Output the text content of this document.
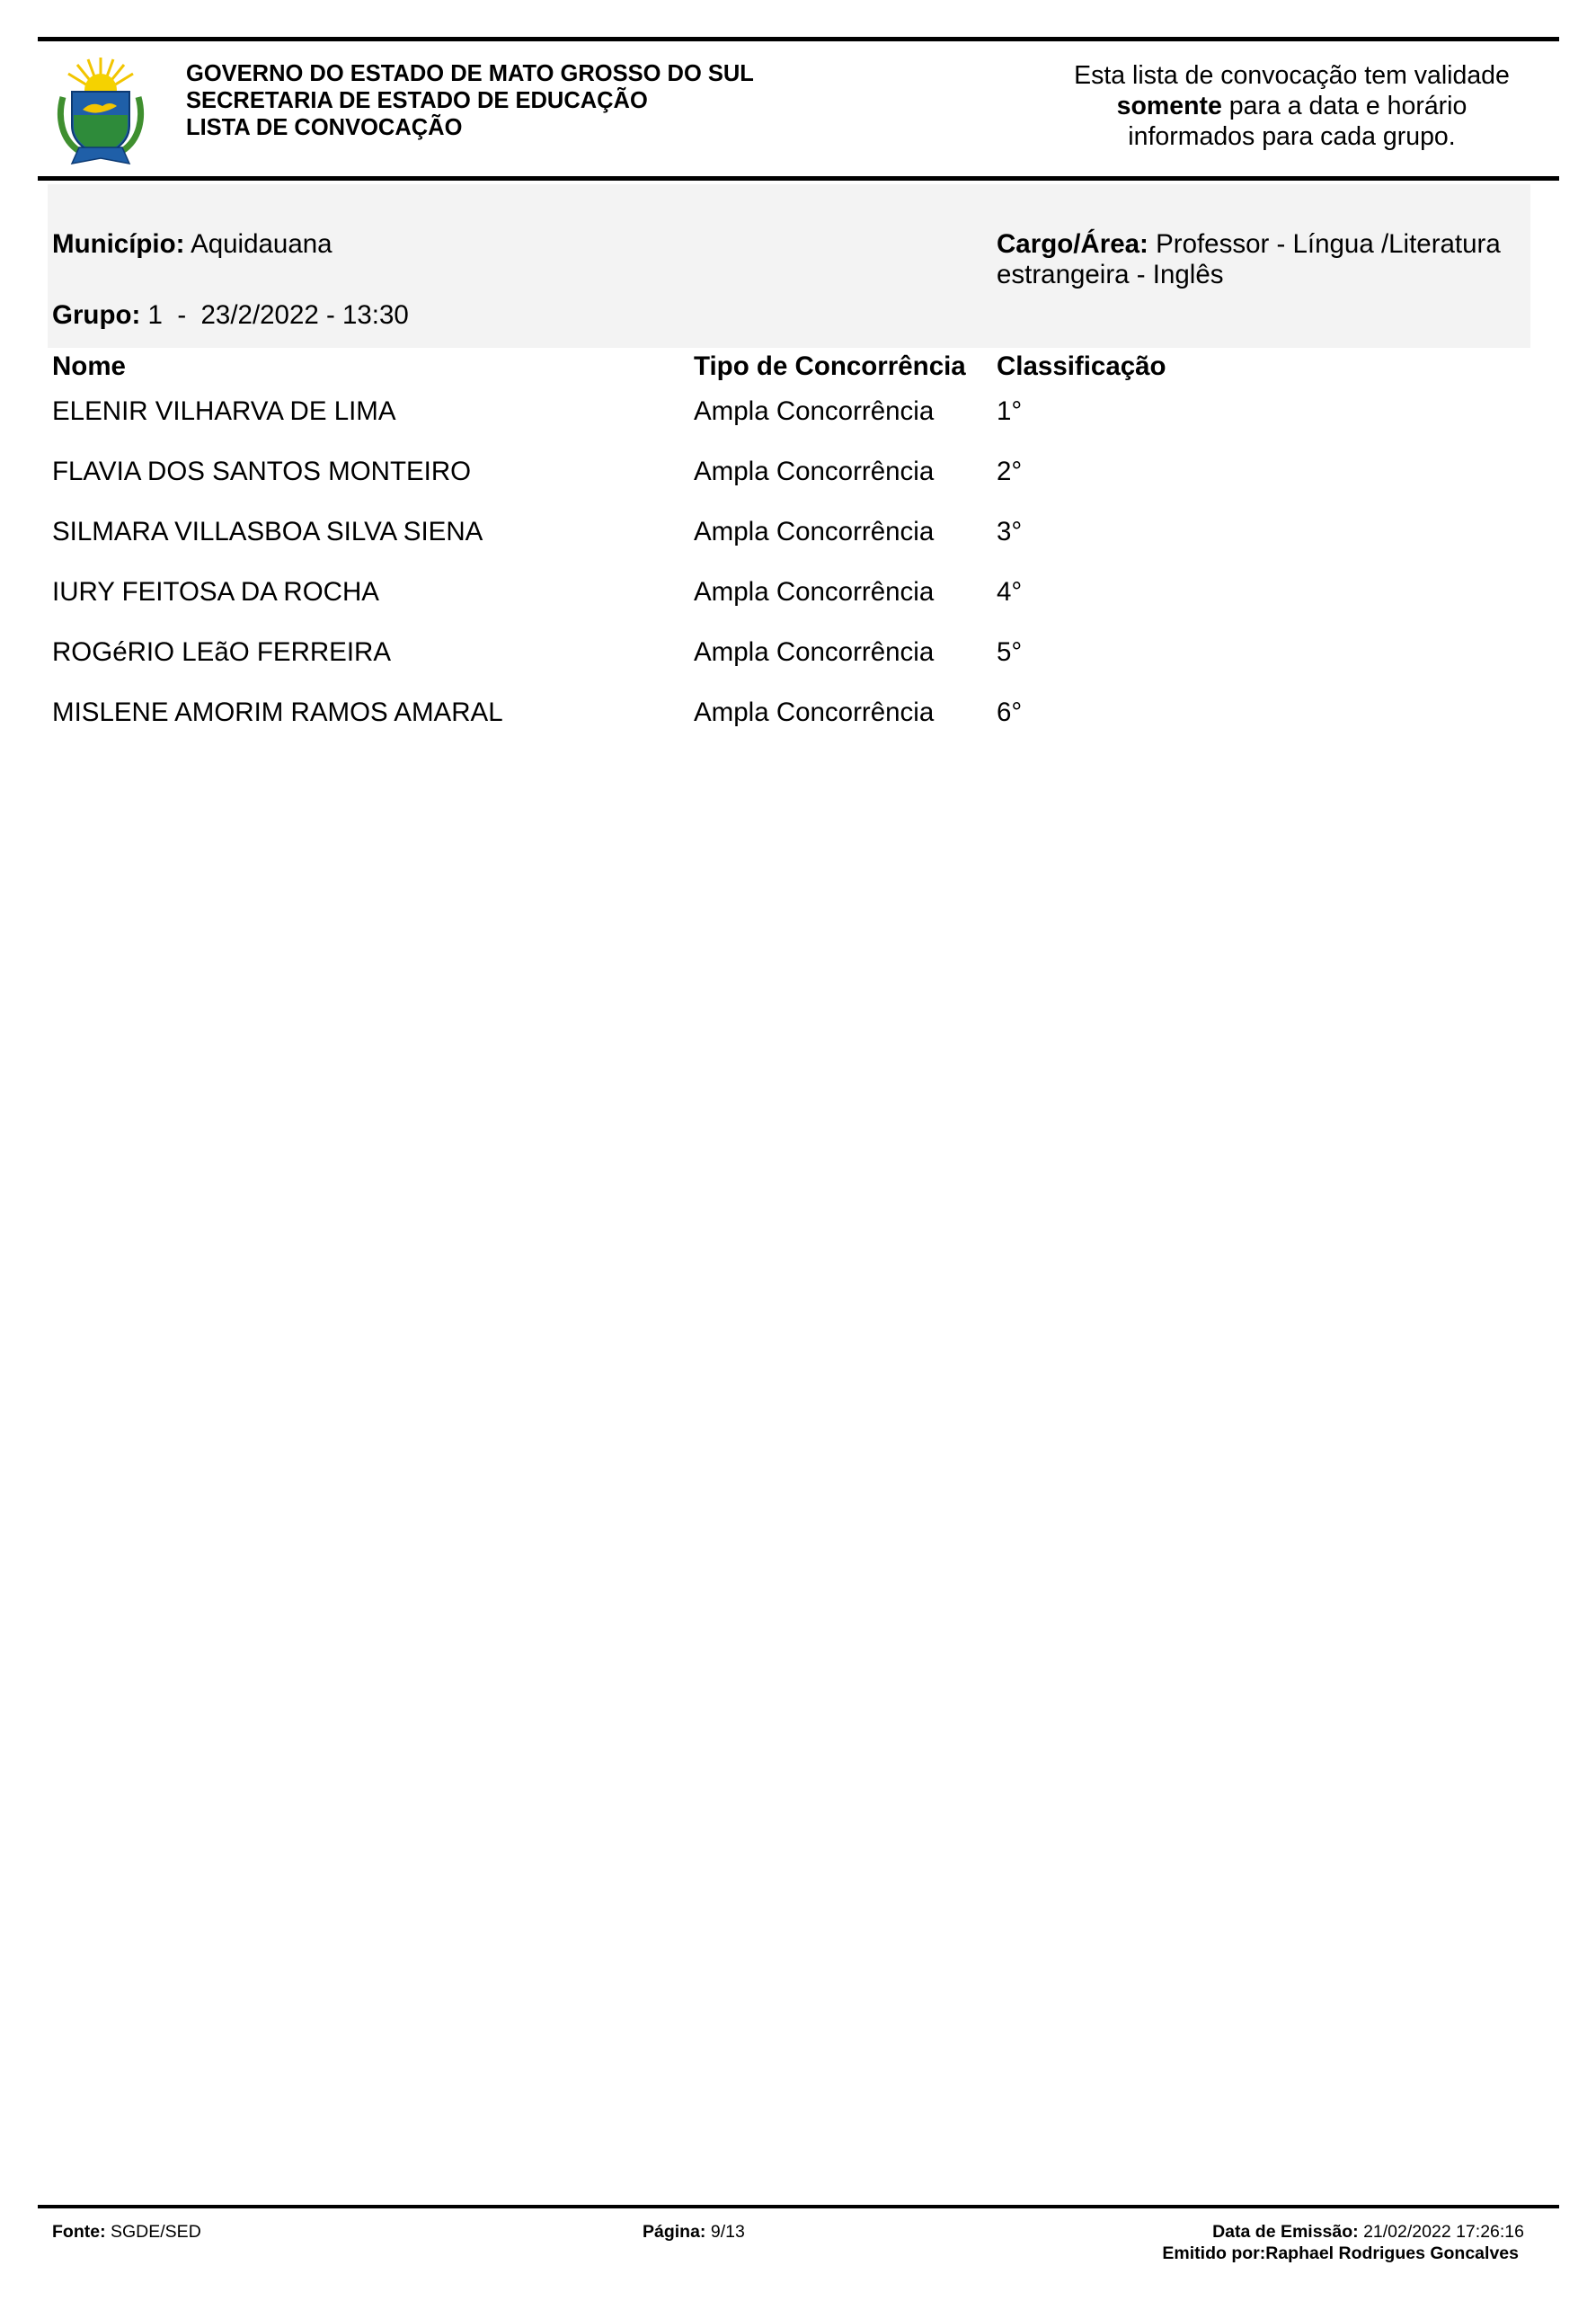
GOVERNO DO ESTADO DE MATO GROSSO DO SUL
SECRETARIA DE ESTADO DE EDUCAÇÃO
LISTA DE CONVOCAÇÃO
Esta lista de convocação tem validade
somente para a data e horário
informados para cada grupo.
Município: Aquidauana	Cargo/Área: Professor - Língua /Literatura
estrangeira - Inglês
Grupo: 1  -  23/2/2022 - 13:30
Nome	Tipo de Concorrência Classificação
ELENIR VILHARVA DE LIMA	Ampla Concorrência 1°
FLAVIA DOS SANTOS MONTEIRO	Ampla Concorrência 2°
SILMARA VILLASBOA SILVA SIENA	Ampla Concorrência 3°
IURY FEITOSA DA ROCHA	Ampla Concorrência 4°
ROGéRIO LEãO FERREIRA	Ampla Concorrência 5°
MISLENE AMORIM RAMOS AMARAL	Ampla Concorrência 6°
Fonte: SGDE/SED	Página: 9/13	Data de Emissão: 21/02/2022 17:26:16
Emitido por:Raphael Rodrigues Goncalves
